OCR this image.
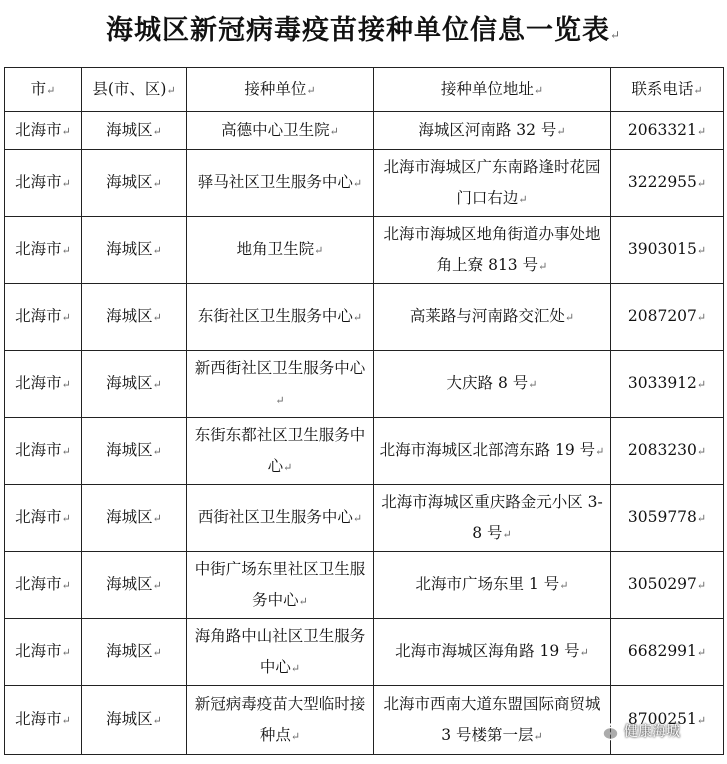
海城区新冠病毒疫苗接种单位信息一览表↵
市↵	县(市、区)↵	接种单位↵	接种单位地址↵	联系电话↵
北海市↵	海城区↵	高德中心卫生院↵	海城区河南路 32 号↵	2063321↵
北海市↵	海城区↵	驿马社区卫生服务中心↵	北海市海城区广东南路逢时花园门口右边↵	3222955↵
北海市↵	海城区↵	地角卫生院↵	北海市海城区地角街道办事处地角上寮 813 号↵	3903015↵
北海市↵	海城区↵	东街社区卫生服务中心↵	高莱路与河南路交汇处↵	2087207↵
北海市↵	海城区↵	新西街社区卫生服务中心↵	大庆路 8 号↵	3033912↵
北海市↵	海城区↵	东街东都社区卫生服务中心↵	北海市海城区北部湾东路 19 号↵	2083230↵
北海市↵	海城区↵	西街社区卫生服务中心↵	北海市海城区重庆路金元小区 3-8 号↵	3059778↵
北海市↵	海城区↵	中街广场东里社区卫生服务中心↵	北海市广场东里 1 号↵	3050297↵
北海市↵	海城区↵	海角路中山社区卫生服务中心↵	北海市海城区海角路 19 号↵	6682991↵
北海市↵	海城区↵	新冠病毒疫苗大型临时接种点↵	北海市西南大道东盟国际商贸城 3 号楼第一层↵	8700251↵
健康海城
